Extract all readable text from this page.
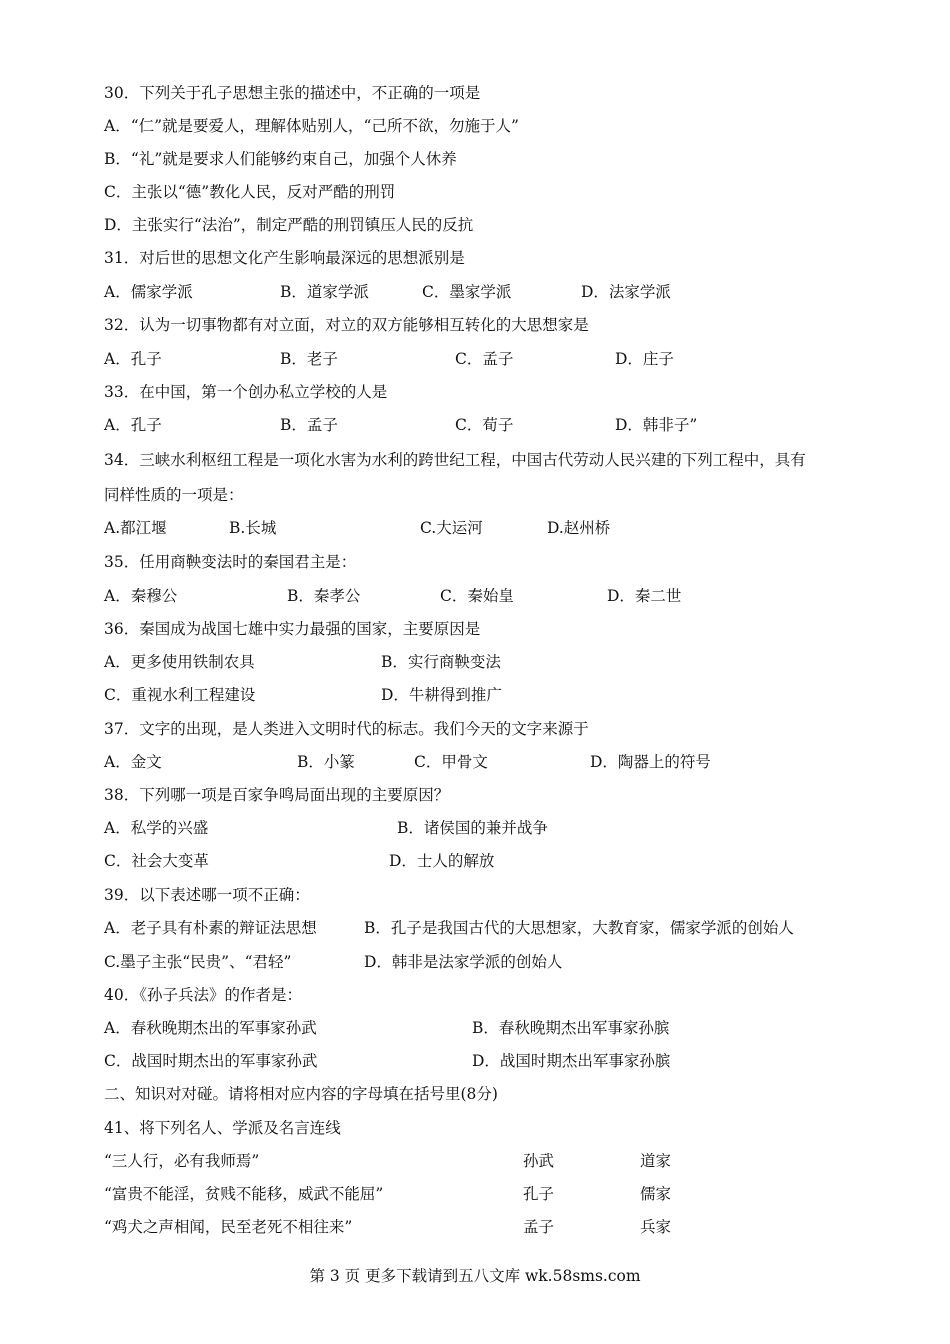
30．下列关于孔子思想主张的描述中，不正确的一项是
A．“仁”就是要爱人，理解体贴别人，“己所不欲，勿施于人”
B．“礼”就是要求人们能够约束自己，加强个人休养
C．主张以“德”教化人民，反对严酷的刑罚
D．主张实行“法治”，制定严酷的刑罚镇压人民的反抗
31．对后世的思想文化产生影响最深远的思想派别是
A．儒家学派	B．道家学派	C．墨家学派	D．法家学派
32．认为一切事物都有对立面，对立的双方能够相互转化的大思想家是
A．孔子	B．老子	C．孟子	D．庄子
33．在中国，第一个创办私立学校的人是
A．孔子	B．孟子	C．荀子	D．韩非子”
34．三峡水利枢纽工程是一项化水害为水利的跨世纪工程，中国古代劳动人民兴建的下列工程中，具有
同样性质的一项是：
A.都江堰	B.长城	C.大运河	D.赵州桥
35．任用商鞅变法时的秦国君主是：
A．秦穆公	B．秦孝公	C．秦始皇	D．秦二世
36．秦国成为战国七雄中实力最强的国家，主要原因是
A．更多使用铁制农具	B．实行商鞅变法
C．重视水利工程建设	D．牛耕得到推广
37．文字的出现，是人类进入文明时代的标志。我们今天的文字来源于
A．金文	B．小篆	C．甲骨文	D．陶器上的符号
38．下列哪一项是百家争鸣局面出现的主要原因？
A．私学的兴盛	B．诸侯国的兼并战争
C．社会大变革	D．士人的解放
39．以下表述哪一项不正确：
A．老子具有朴素的辩证法思想	B．孔子是我国古代的大思想家，大教育家，儒家学派的创始人
C.墨子主张“民贵”、“君轻”	D．韩非是法家学派的创始人
40．《孙子兵法》的作者是：
A．春秋晚期杰出的军事家孙武	B．春秋晚期杰出军事家孙膑
C．战国时期杰出的军事家孙武	D．战国时期杰出军事家孙膑
二、知识对对碰。请将相对应内容的字母填在括号里(8分)
41、将下列名人、学派及名言连线
“三人行，必有我师焉”	孙武	道家
“富贵不能淫，贫贱不能移，威武不能屈”	孔子	儒家
“鸡犬之声相闻，民至老死不相往来”	孟子	兵家
第 3 页 更多下载请到五八文库 wk.58sms.com
